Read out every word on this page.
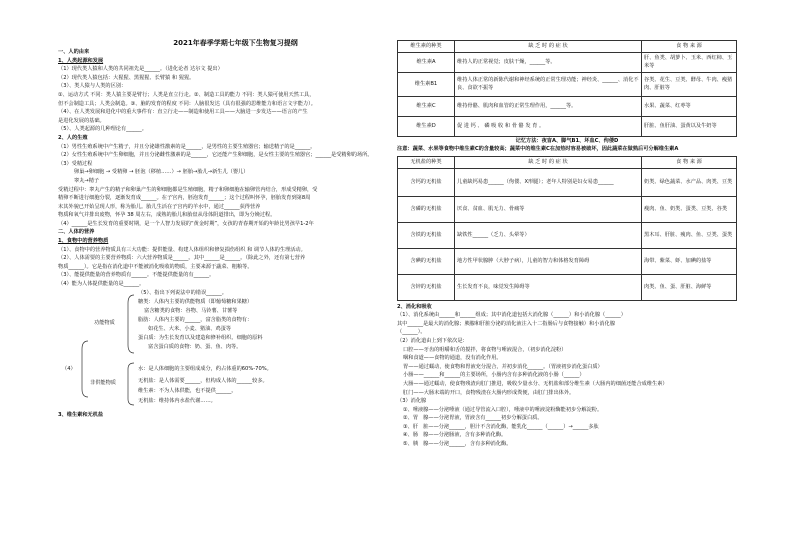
2021年春季学期七年级下生物复习提纲
一、人的由来
1、人类起源和发展
（1）现代类人猿和人类的共同祖先是______。（进化论者 达尔文 提出）
（2）现代类人猿包括：大猩猩、黑猩猩、长臂猿 和 猩猩。
（3）、类人猿与人类的区别：
①、运动方式 不同：类人猿主要是臂行；人类是直立行走。②、制造工具的能力 不同：类人猿可使用天然工具，
但不会制造工具；人类会制造。③、脑的发育的程度 不同：人脑很发达（具有很强的思维能力和语言文字能力）。
（4）、在人类发展和进化中的重大事件有：直立行走——制造和使用工具——大脑进一步发达——语言的产生
是进化发展的基础。
（5）、人类起源的几种理论有______。
2、人的生殖
（1）男性生殖系统中产生精子，并且分泌雄性激素的是______，是男性的主要生殖器官；输送精子的是______。
（2）女性生殖系统中产生卵细胞，并且分泌雌性激素的是______，它还能产生卵细胞，是女性主要的生殖器官；______是受精卵的场所。
（3）受精过程
卵巢→卵细胞 → 受精卵 → 胚泡（移植……）→ 胚胎→胎儿→新生儿（婴儿）
睾丸→精子
受精过程中：睾丸产生的精子和卵巢产生的卵细胞都是生殖细胞，精子和卵细胞在输卵管内结合，形成受精卵，受
精卵不断进行细胞分裂，逐渐发育成______。在子宫内，胚泡发育______；这个过程叫怀孕，胚胎发育到第8周
末其外貌已开始呈现人形，称为胎儿。胎儿生活在子宫内的羊水中，通过______获得营养
物质和氧气并排出废物，怀孕 38 周左右，成熟的胎儿和胎盘从母体阴道排出，即为分娩过程。
（4）______是生长发育的重要时期，是一个人智力发展的“黄金时期”，女孩的青春期开始的年龄比男孩早1-2年
二、人体的营养
1、食物中的营养物质
（1）、食物中的营养物质具有三大功能：提供能量、构建人体组织和修复损伤组织 和 调节人体的生理活动。
（2）、人体需要的主要营养物质：六大营养物质是______。其中______是______。（除此之外，还有第七营养
物质______）。它是指在消化道中不能被消化吸收的物质，主要来源于蔬菜、粗粮等。
（3）、能提供能量的营养物质有______。不能提供能量的有______。
（4）能为人体提供能量的是______。
（5）、指出下列说法中的错误______。
糖类：人体内主要的供能物质（即葡萄糖和果糖）
富含糖类的食物：谷物、马铃薯、甘薯等
脂肪：人体内主要的______，富含脂类的食物有：
如花生、大米、小麦、猪油、鸡蛋等
蛋白质：为生长发育以及建造和修补组织、细胞的原料
富含蛋白质的食物：奶、蛋、鱼、肉等。
功能物质
（4）	水：是人体细胞的主要组成成分，约占体重的60%-70%。
非供能物质	无机盐：是人体需要______，但构成人体的______较多。
维生素：不为人体供能，也不提供______。
无机盐：维持体内水盐代谢……。
3、维生素和无机盐
维生素的种类	缺 乏 时 的 症 状	食 物 来 源
维生素A	维持人的正常视觉；皮肤干燥，______等。	肝、鱼类、胡萝卜、玉米、西红柿、玉米等
维生素B1	维持人体正常的新陈代谢和神经系统的正常生理功能；神经炎、______、消化不良、食欲不振等	谷类、花生、豆类、酵母、牛肉、瘦猪肉、肝脏等
维生素C	维持骨骼、肌肉和血管的正常生理作用，______等。	水果、蔬菜、红枣等
维生素D	促 进 钙 、 磷 吸 收 和 骨 骼 发 育 。	肝脏、鱼肝油、蛋黄以及牛奶等
记忆方法：夜盲A、脚气B1、坏血C、佝偻D
注意：蔬菜、水果等食物中维生素C的含量较高；蔬菜中的维生素C在加热时容易被破坏，因此蔬菜在做熟后可分解维生素A
无机盐的种类	缺 乏 时 的 症 状	食 物 来 源
含钙的无机盐	儿童缺钙易患______（佝偻、X形腿）；老年人特别是妇女易患______	奶类、绿色蔬菜、水产品、肉类、豆类
含磷的无机盐	厌食、贫血、肌无力、骨痛等	瘦肉、鱼、奶类、蛋类、豆类、谷类
含铁的无机盐	缺铁性______（乏力、头晕等）	黑木耳、肝脏、瘦肉、鱼、豆类、蛋类
含碘的无机盐	地方性甲状腺肿（大脖子病），儿童的智力和体格发育障碍	海带、紫菜、虾、加碘的盐等
含锌的无机盐	生长发育不良，味觉发生障碍等	肉类、鱼、蛋、肝脏、海鲜等
2、消化和吸收
（1）、消化系统由______和______组成；其中消化道包括大消化腺（______）和小消化腺（______）
其中______是最大的消化腺；胰腺和肝脏分泌的消化液注入十二指肠后与食物接触）和小消化腺
（______）。
（2）消化道由上到下依次是：
口腔——牙齿的咀嚼和舌的搅拌，将食物与唾液混合，（初步消化淀粉）
咽和食道——食物的通道，没有消化作用。
胃——通过蠕动，使食物和胃液充分混合，并初步消化______。（胃液初步消化蛋白质）
小肠——______和______的主要场所，小肠内含有多种消化液的小肠（______）
大肠——通过蠕动，使食物残渣向肛门推进，吸收少量水分、无机盐和部分维生素（大肠内的细菌还能合成维生素）
肛门——大肠末端的开口，食物残渣在大肠内形成粪便，由肛门排出体外。
（3）消化腺
①、唾液腺——分泌唾液（通过导管流入口腔），唾液中的唾液淀粉酶能初步分解淀粉。
②、胃　腺——分泌胃液，胃液含有______初步分解蛋白质。
③、肝　脏——分泌______，胆汁不含消化酶，能乳化______（______）→______多肽
④、肠　腺——分泌肠液，含有多种消化酶。
⑤、胰　腺——分泌______，含有多种消化酶。
